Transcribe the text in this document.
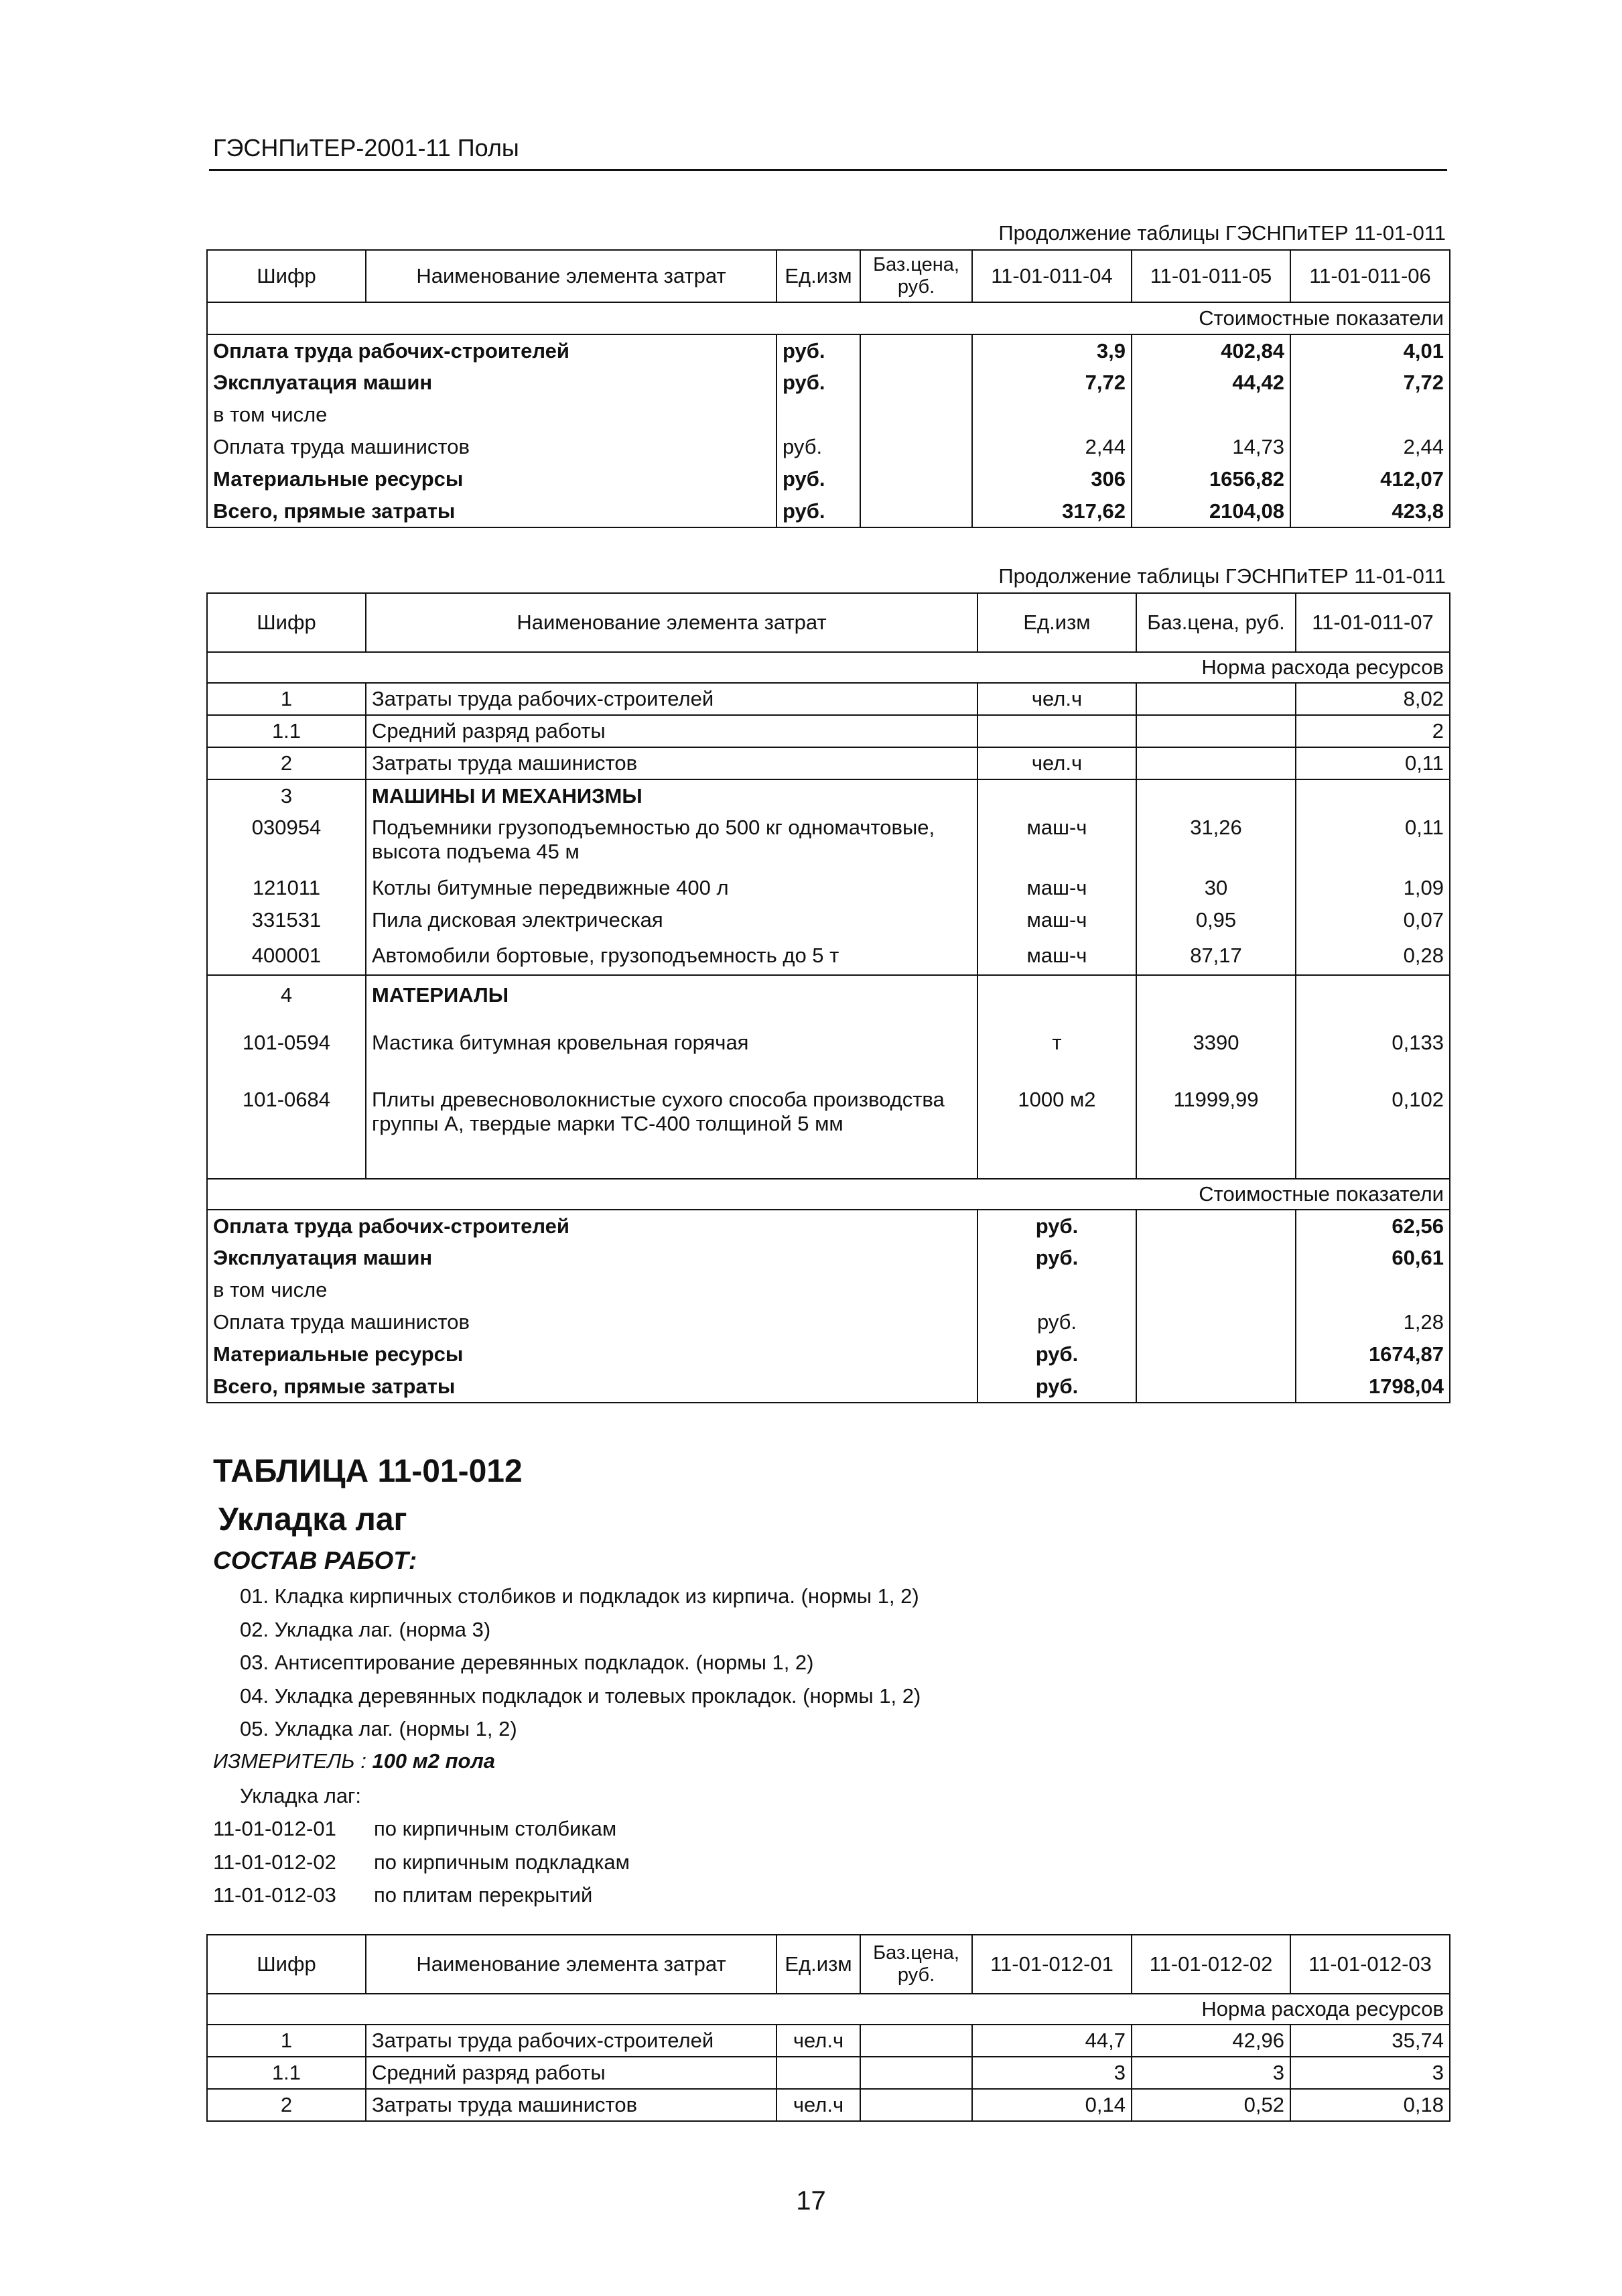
ГЭСНПиТЕР-2001-11 Полы
Продолжение таблицы ГЭСНПиТЕР 11-01-011
Шифр	Наименование элемента затрат	Ед.изм	Баз.цена, руб.	11-01-011-04	11-01-011-05	11-01-011-06
Стоимостные показатели						
Оплата труда рабочих-строителей		руб.		3,9	402,84	4,01
Эксплуатация машин		руб.		7,72	44,42	7,72
в том числе						
Оплата труда машинистов		руб.		2,44	14,73	2,44
Материальные ресурсы		руб.		306	1656,82	412,07
Всего, прямые затраты		руб.		317,62	2104,08	423,8
Продолжение таблицы ГЭСНПиТЕР 11-01-011
Шифр	Наименование элемента затрат	Ед.изм	Баз.цена, руб.	11-01-011-07
Норма расхода ресурсов				
1	Затраты труда рабочих-строителей	чел.ч		8,02
1.1	Средний разряд работы			2
2	Затраты труда машинистов	чел.ч		0,11
3	МАШИНЫ И МЕХАНИЗМЫ			
030954	Подъемники грузоподъемностью до 500 кг одномачтовые, высота подъема 45 м	маш-ч	31,26	0,11
121011	Котлы битумные передвижные 400 л	маш-ч	30	1,09
331531	Пила дисковая электрическая	маш-ч	0,95	0,07
400001	Автомобили бортовые, грузоподъемность до 5 т	маш-ч	87,17	0,28
4	МАТЕРИАЛЫ			
101-0594	Мастика битумная кровельная горячая	т	3390	0,133
101-0684	Плиты древесноволокнистые сухого способа производства группы А, твердые марки ТС-400 толщиной 5 мм	1000 м2	11999,99	0,102
Стоимостные показатели				
Оплата труда рабочих-строителей		руб.		62,56
Эксплуатация машин		руб.		60,61
в том числе				
Оплата труда машинистов		руб.		1,28
Материальные ресурсы		руб.		1674,87
Всего, прямые затраты		руб.		1798,04
ТАБЛИЦА 11-01-012
Укладка лаг
СОСТАВ РАБОТ:
01. Кладка кирпичных столбиков и подкладок из кирпича. (нормы 1, 2)
02. Укладка лаг. (норма 3)
03. Антисептирование деревянных подкладок. (нормы 1, 2)
04. Укладка деревянных подкладок и толевых прокладок. (нормы 1, 2)
05. Укладка лаг. (нормы 1, 2)
ИЗМЕРИТЕЛЬ : 100 м2 пола
Укладка лаг:
11-01-012-01 по кирпичным столбикам
11-01-012-02 по кирпичным подкладкам
11-01-012-03 по плитам перекрытий
Шифр	Наименование элемента затрат	Ед.изм	Баз.цена, руб.	11-01-012-01	11-01-012-02	11-01-012-03
Норма расхода ресурсов						
1	Затраты труда рабочих-строителей	чел.ч		44,7	42,96	35,74
1.1	Средний разряд работы			3	3	3
2	Затраты труда машинистов	чел.ч		0,14	0,52	0,18
17
